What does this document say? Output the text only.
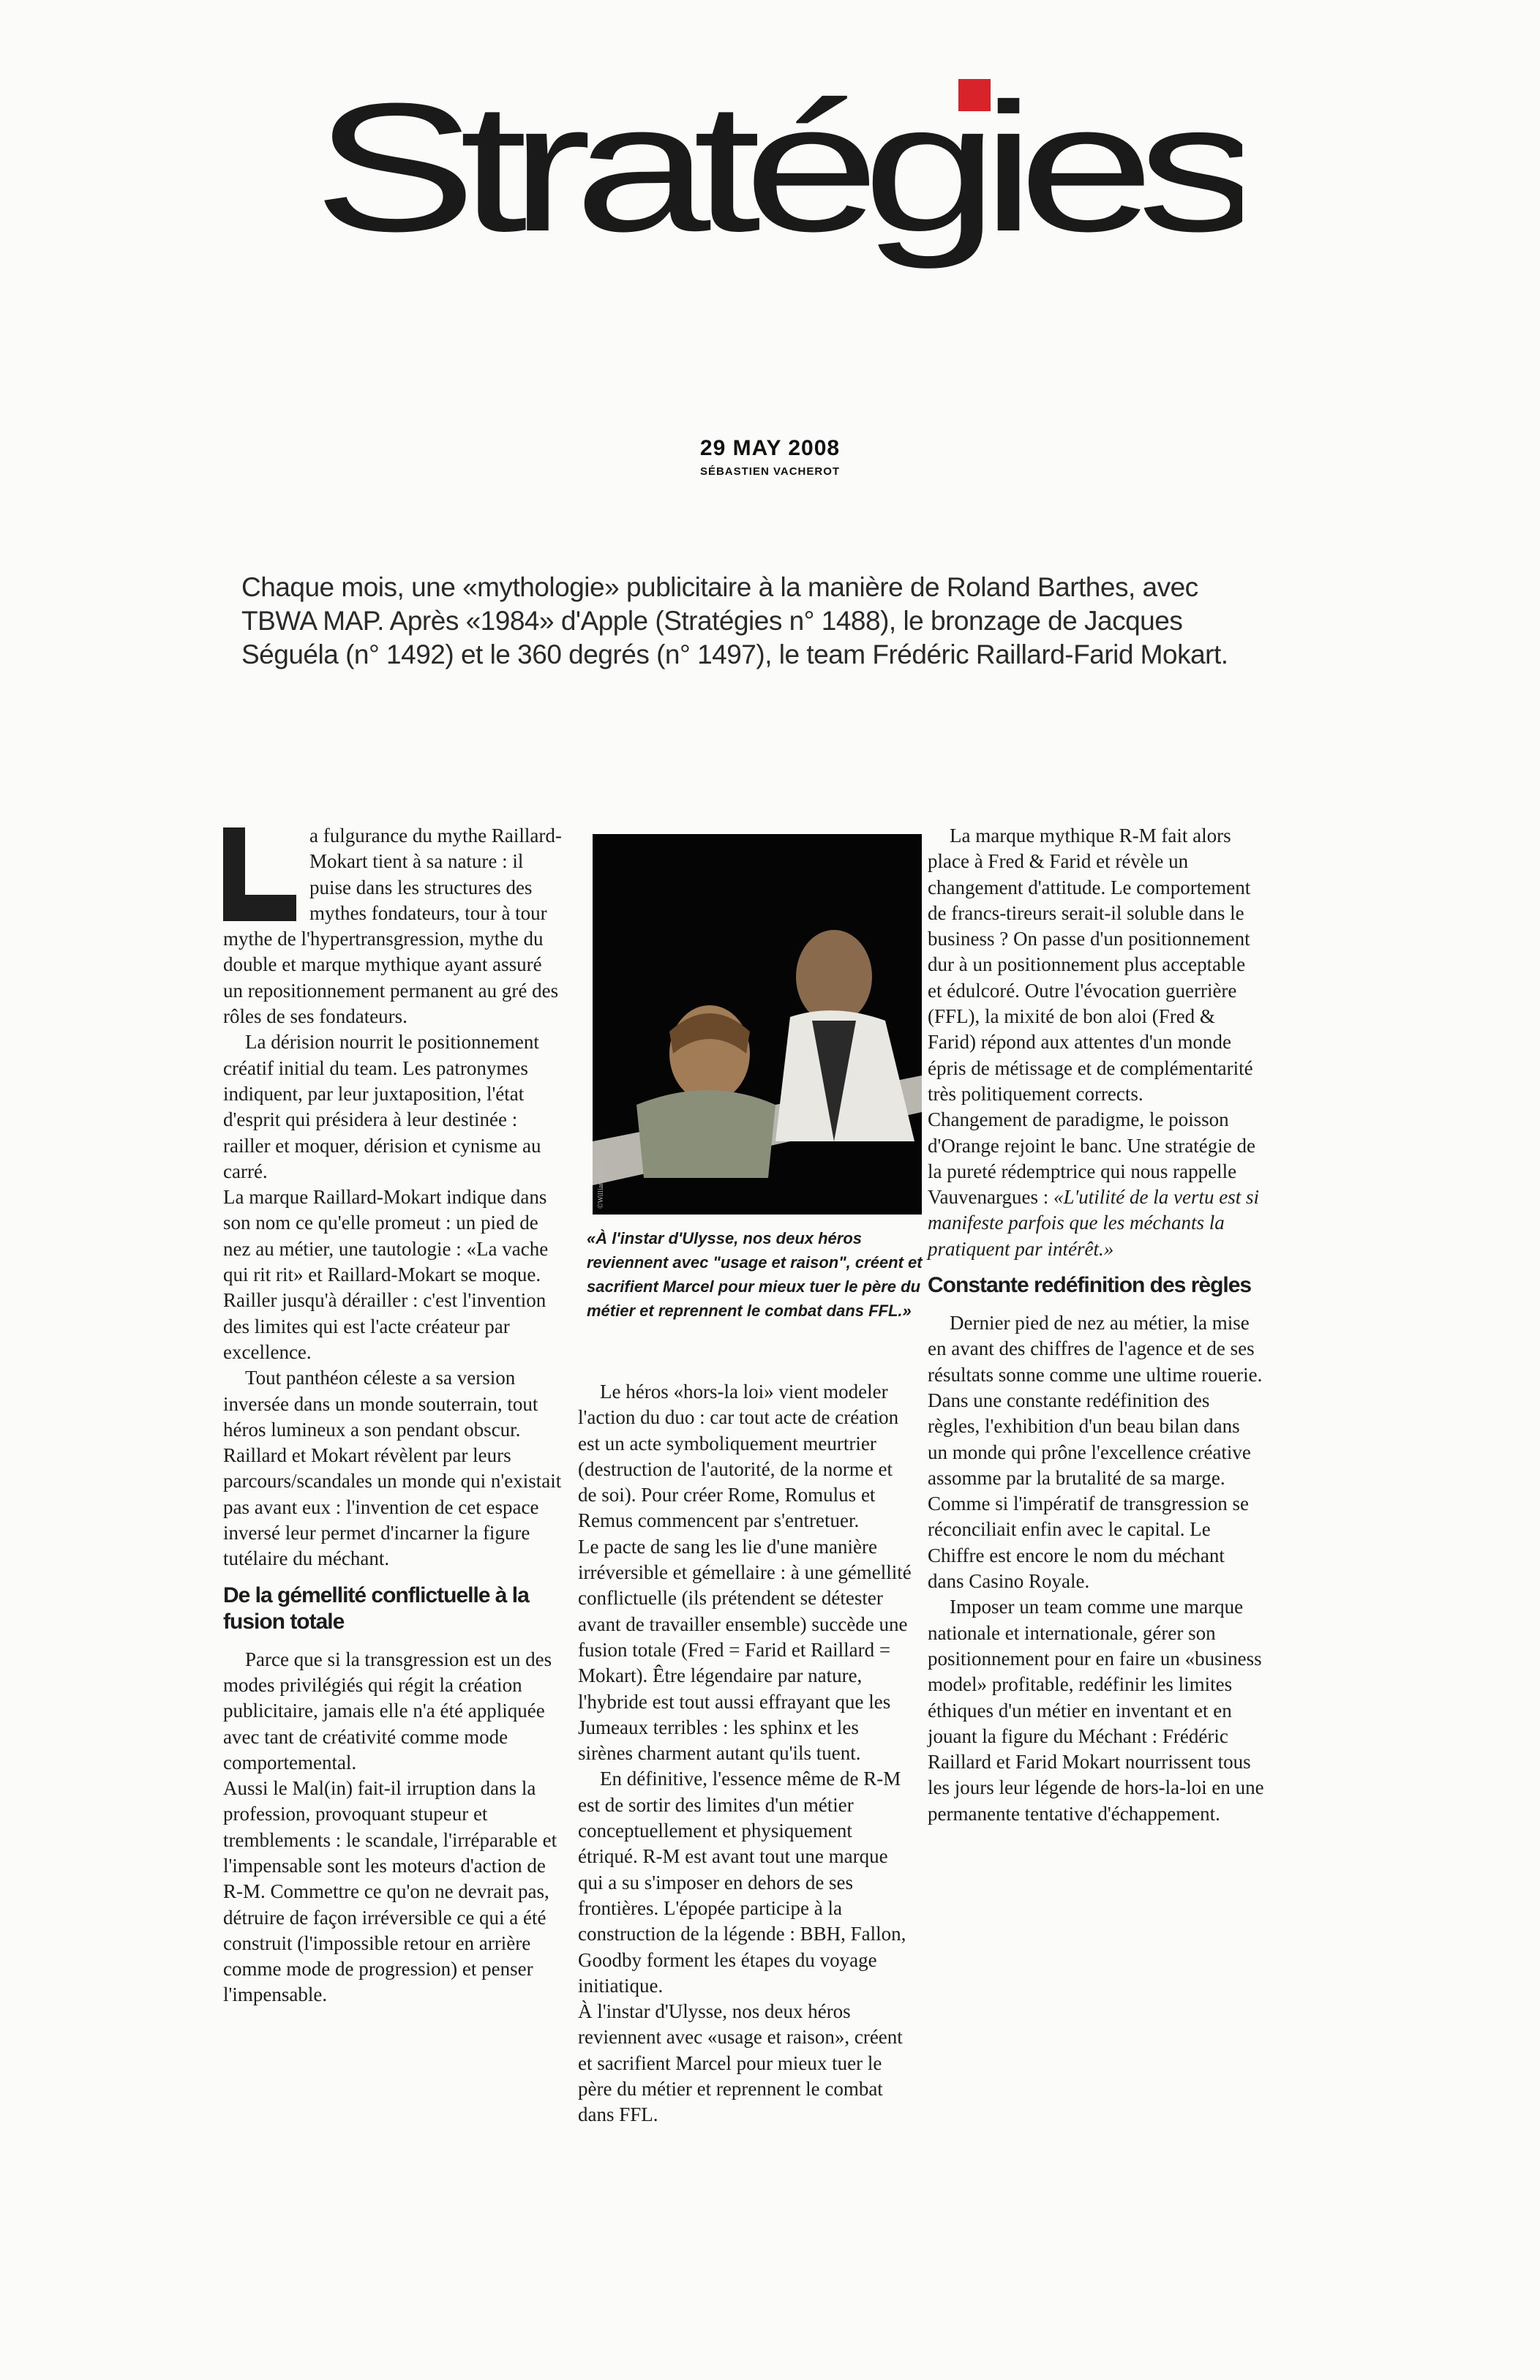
Stratégies
29 MAY 2008
SÉBASTIEN VACHEROT
Chaque mois, une «mythologie» publicitaire à la manière de Roland Barthes, avec TBWA MAP. Après «1984» d'Apple (Stratégies n° 1488), le bronzage de Jacques Séguéla (n° 1492) et le 360 degrés (n° 1497), le team Frédéric Raillard-Farid Mokart.

a fulgurance du mythe Raillard-Mokart tient à sa nature : il puise dans les structures des mythes fondateurs, tour à tour mythe de l'hypertransgression, mythe du double et marque mythique ayant assuré un repositionnement permanent au gré des rôles de ses fondateurs.

La dérision nourrit le positionnement créatif initial du team. Les patronymes indiquent, par leur juxtaposition, l'état d'esprit qui présidera à leur destinée : railler et moquer, dérision et cynisme au carré.

La marque Raillard-Mokart indique dans son nom ce qu'elle promeut : un pied de nez au métier, une tautologie : «La vache qui rit rit» et Raillard-Mokart se moque. Railler jusqu'à dérailler : c'est l'invention des limites qui est l'acte créateur par excellence.

Tout panthéon céleste a sa version inversée dans un monde souterrain, tout héros lumineux a son pendant obscur. Raillard et Mokart révèlent par leurs parcours/scandales un monde qui n'existait pas avant eux : l'invention de cet espace inversé leur permet d'incarner la figure tutélaire du méchant.

De la gémellité conflictuelle à la fusion totale

Parce que si la transgression est un des modes privilégiés qui régit la création publicitaire, jamais elle n'a été appliquée avec tant de créativité comme mode comportemental.

Aussi le Mal(in) fait-il irruption dans la profession, provoquant stupeur et tremblements : le scandale, l'irréparable et l'impensable sont les moteurs d'action de R-M. Commettre ce qu'on ne devrait pas, détruire de façon irréversible ce qui a été construit (l'impossible retour en arrière comme mode de progression) et penser l'impensable.

©William Pace
«À l'instar d'Ulysse, nos deux héros reviennent avec "usage et raison", créent et sacrifient Marcel pour mieux tuer le père du métier et reprennent le combat dans FFL.»

Le héros «hors-la loi» vient modeler l'action du duo : car tout acte de création est un acte symboliquement meurtrier (destruction de l'autorité, de la norme et de soi). Pour créer Rome, Romulus et Remus commencent par s'entretuer.

Le pacte de sang les lie d'une manière irréversible et gémellaire : à une gémellité conflictuelle (ils prétendent se détester avant de travailler ensemble) succède une fusion totale (Fred = Farid et Raillard = Mokart). Être légendaire par nature, l'hybride est tout aussi effrayant que les Jumeaux terribles : les sphinx et les sirènes charment autant qu'ils tuent.

En définitive, l'essence même de R-M est de sortir des limites d'un métier conceptuellement et physiquement étriqué. R-M est avant tout une marque qui a su s'imposer en dehors de ses frontières. L'épopée participe à la construction de la légende : BBH, Fallon, Goodby forment les étapes du voyage initiatique.

À l'instar d'Ulysse, nos deux héros reviennent avec «usage et raison», créent et sacrifient Marcel pour mieux tuer le père du métier et reprennent le combat dans FFL.

La marque mythique R-M fait alors place à Fred & Farid et révèle un changement d'attitude. Le comportement de francs-tireurs serait-il soluble dans le business ? On passe d'un positionnement dur à un positionnement plus acceptable et édulcoré. Outre l'évocation guerrière (FFL), la mixité de bon aloi (Fred & Farid) répond aux attentes d'un monde épris de métissage et de complémentarité très politiquement corrects.

Changement de paradigme, le poisson d'Orange rejoint le banc. Une stratégie de la pureté rédemptrice qui nous rappelle Vauvenargues : «L'utilité de la vertu est si manifeste parfois que les méchants la pratiquent par intérêt.»

Constante redéfinition des règles

Dernier pied de nez au métier, la mise en avant des chiffres de l'agence et de ses résultats sonne comme une ultime rouerie. Dans une constante redéfinition des règles, l'exhibition d'un beau bilan dans un monde qui prône l'excellence créative assomme par la brutalité de sa marge. Comme si l'impératif de transgression se réconciliait enfin avec le capital. Le Chiffre est encore le nom du méchant dans Casino Royale.

Imposer un team comme une marque nationale et internationale, gérer son positionnement pour en faire un «business model» profitable, redéfinir les limites éthiques d'un métier en inventant et en jouant la figure du Méchant : Frédéric Raillard et Farid Mokart nourrissent tous les jours leur légende de hors-la-loi en une permanente tentative d'échappement.
